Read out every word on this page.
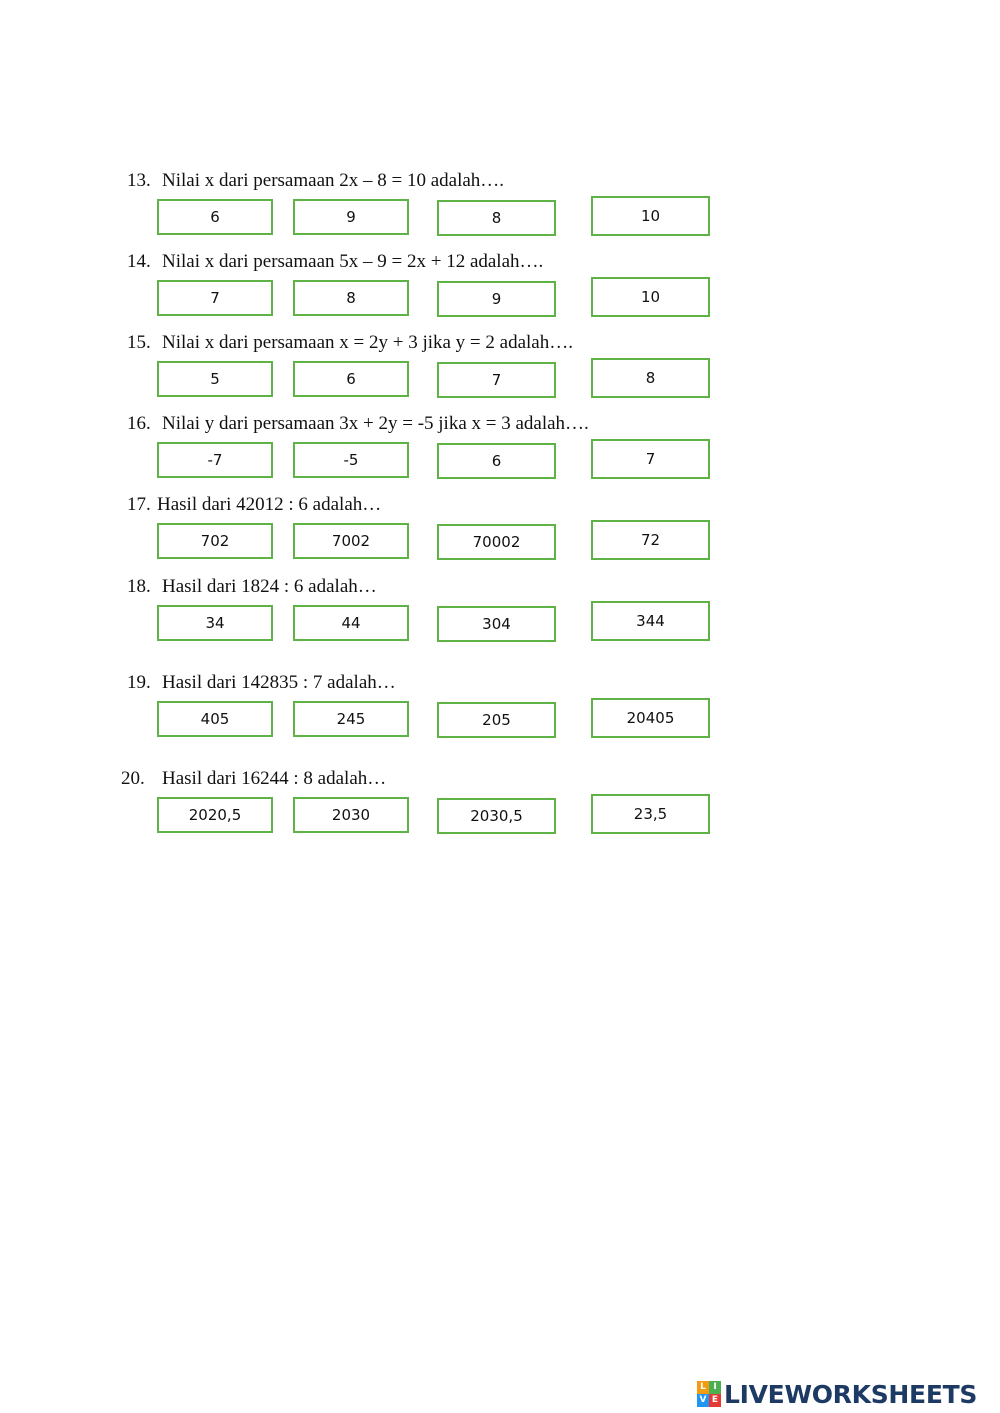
13. Nilai x dari persamaan 2x – 8 = 10 adalah….
6	9	8	10
14. Nilai x dari persamaan 5x – 9 = 2x + 12 adalah….
7	8	9	10
15. Nilai x dari persamaan x = 2y + 3 jika y = 2 adalah….
5	6	7	8
16. Nilai y dari persamaan 3x + 2y = -5 jika x = 3 adalah….
-7	-5	6	7
17. Hasil dari 42012 : 6 adalah…
702	7002	70002	72
18. Hasil dari 1824 : 6 adalah…
34	44	304	344
19. Hasil dari 142835 : 7 adalah…
405	245	205	20405
20. Hasil dari 16244 : 8 adalah…
2020,5	2030	2030,5	23,5
L I
V E LIVEWORKSHEETS
